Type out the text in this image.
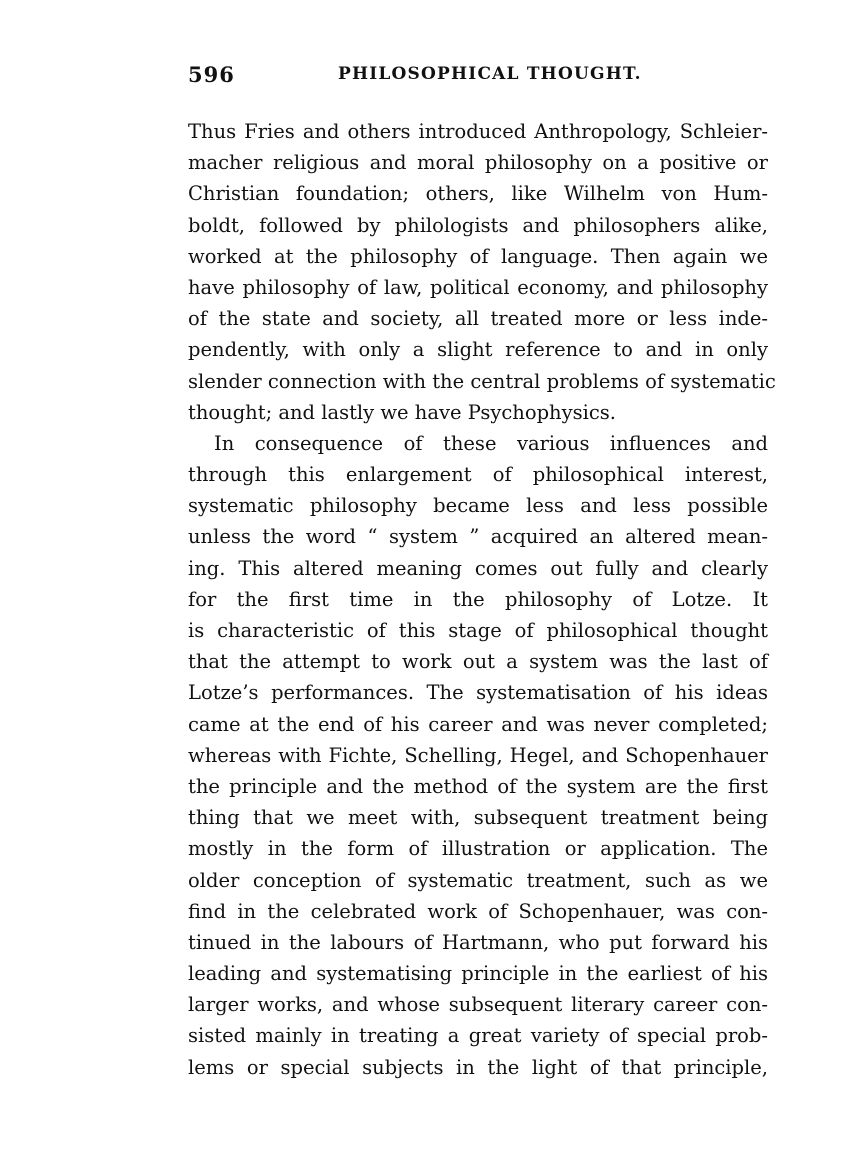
596	PHILOSOPHICAL THOUGHT.
Thus Fries and others introduced Anthropology, Schleier-
macher religious and moral philosophy on a positive or
Christian foundation; others, like Wilhelm von Hum-
boldt, followed by philologists and philosophers alike,
worked at the philosophy of language. Then again we
have philosophy of law, political economy, and philosophy
of the state and society, all treated more or less inde-
pendently, with only a slight reference to and in only
slender connection with the central problems of systematic
thought; and lastly we have Psychophysics.
In consequence of these various influences and
through this enlargement of philosophical interest,
systematic philosophy became less and less possible
unless the word “ system ” acquired an altered mean-
ing. This altered meaning comes out fully and clearly
for the first time in the philosophy of Lotze. It
is characteristic of this stage of philosophical thought
that the attempt to work out a system was the last of
Lotze’s performances. The systematisation of his ideas
came at the end of his career and was never completed;
whereas with Fichte, Schelling, Hegel, and Schopenhauer
the principle and the method of the system are the first
thing that we meet with, subsequent treatment being
mostly in the form of illustration or application. The
older conception of systematic treatment, such as we
find in the celebrated work of Schopenhauer, was con-
tinued in the labours of Hartmann, who put forward his
leading and systematising principle in the earliest of his
larger works, and whose subsequent literary career con-
sisted mainly in treating a great variety of special prob-
lems or special subjects in the light of that principle,
